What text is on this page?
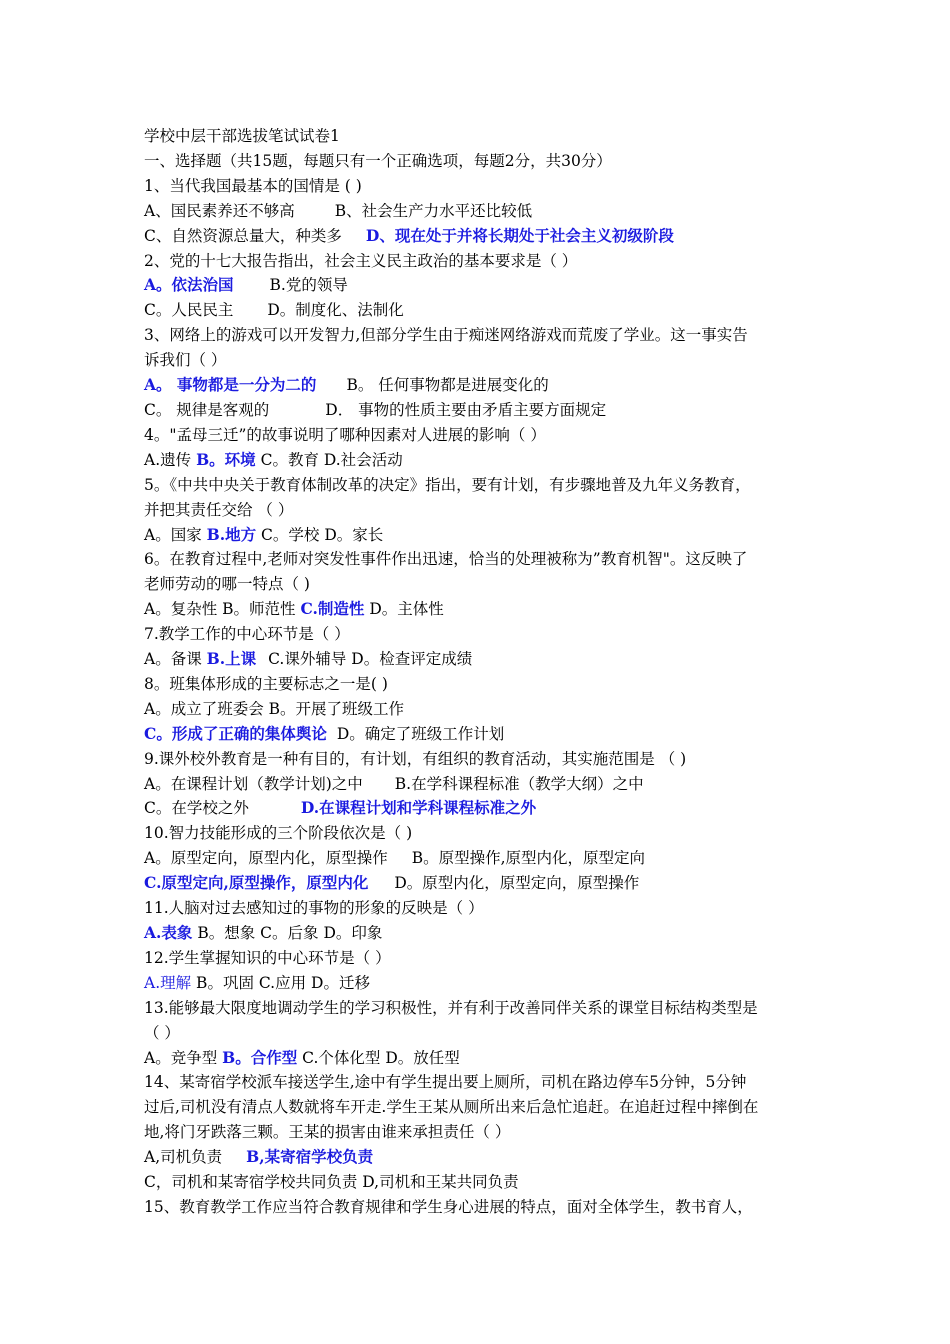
学校中层干部选拔笔试试卷1
一、选择题（共15题，每题只有一个正确选项，每题2分，共30分）
1、当代我国最基本的国情是 ( )
A、国民素养还不够高	B、社会生产力水平还比较低
C、自然资源总量大，种类多 D、现在处于并将长期处于社会主义初级阶段
2、党的十七大报告指出，社会主义民主政治的基本要求是（ ）
A。依法治国 B.党的领导
C。人民民主 D。制度化、法制化
3、网络上的游戏可以开发智力,但部分学生由于痴迷网络游戏而荒废了学业。这一事实告
诉我们（ ）
A。 事物都是一分为二的 B。 任何事物都是进展变化的
C。 规律是客观的	D． 事物的性质主要由矛盾主要方面规定
4。"孟母三迁”的故事说明了哪种因素对人进展的影响（ ）
A.遗传 B。环境 C。教育 D.社会活动
5。《中共中央关于教育体制改革的决定》指出，要有计划，有步骤地普及九年义务教育，
并把其责任交给 （ ）
A。国家 B.地方 C。学校 D。家长
6。在教育过程中,老师对突发性事件作出迅速，恰当的处理被称为”教育机智"。这反映了
老师劳动的哪一特点（ )
A。复杂性 B。师范性 C.制造性 D。主体性
7.教学工作的中心环节是（ ）
A。备课 B.上课 C.课外辅导 D。检查评定成绩
8。班集体形成的主要标志之一是( )
A。成立了班委会 B。开展了班级工作
C。形成了正确的集体舆论 D。确定了班级工作计划
9.课外校外教育是一种有目的，有计划，有组织的教育活动，其实施范围是 （ )
A。在课程计划（教学计划)之中 B.在学科课程标准（教学大纲）之中
C。在学校之外	D.在课程计划和学科课程标准之外
10.智力技能形成的三个阶段依次是（ )
A。原型定向，原型内化，原型操作 B。原型操作,原型内化，原型定向
C.原型定向,原型操作，原型内化 D。原型内化，原型定向，原型操作
11.人脑对过去感知过的事物的形象的反映是（ ）
A.表象 B。想象 C。后象 D。印象
12.学生掌握知识的中心环节是（ ）
A.理解 B。巩固 C.应用 D。迁移
13.能够最大限度地调动学生的学习积极性，并有利于改善同伴关系的课堂目标结构类型是
（ ）
A。竞争型 B。合作型 C.个体化型 D。放任型
14、某寄宿学校派车接送学生,途中有学生提出要上厕所，司机在路边停车5分钟，5分钟
过后,司机没有清点人数就将车开走.学生王某从厕所出来后急忙追赶。在追赶过程中摔倒在
地,将门牙跌落三颗。王某的损害由谁来承担责任（ ）
A,司机负责 B,某寄宿学校负责
C，司机和某寄宿学校共同负责 D,司机和王某共同负责
15、教育教学工作应当符合教育规律和学生身心进展的特点，面对全体学生，教书育人，
